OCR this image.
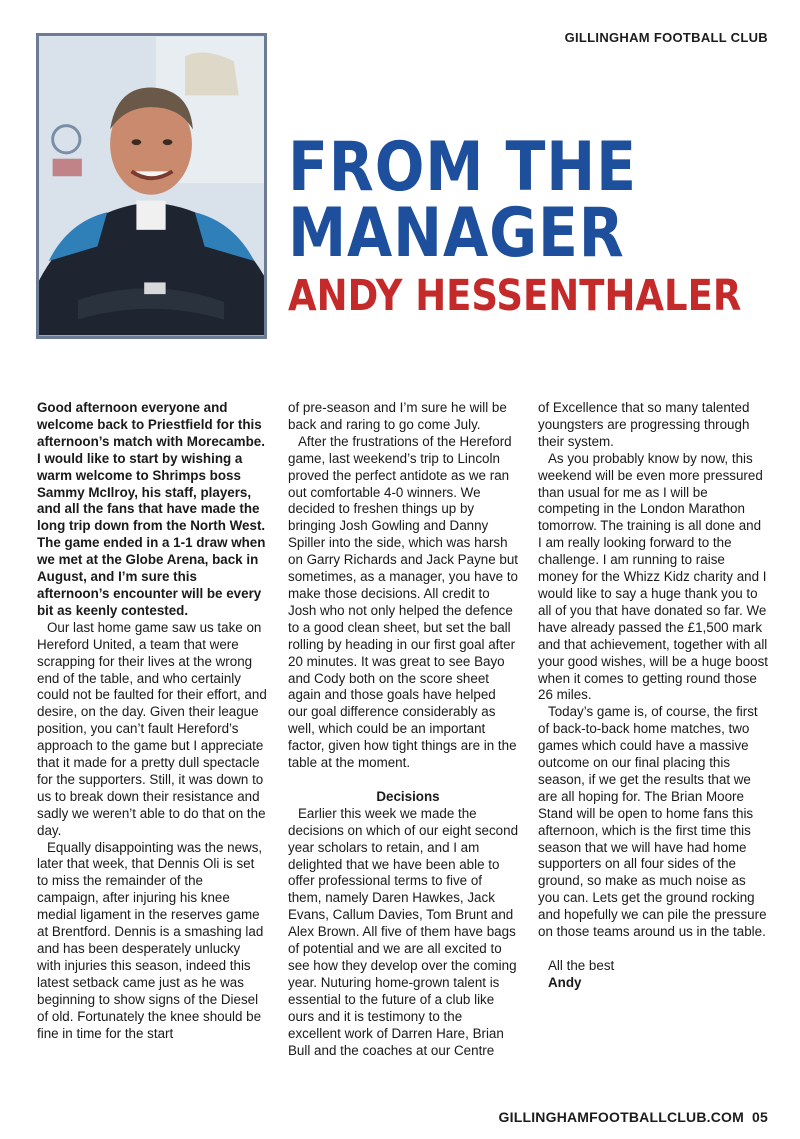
GILLINGHAM FOOTBALL CLUB
FROM THE
MANAGER
ANDY HESSENTHALER

Good afternoon everyone and welcome back to Priestfield for this afternoon’s match with Morecambe. I would like to start by wishing a warm welcome to Shrimps boss Sammy McIlroy, his staff, players, and all the fans that have made the long trip down from the North West. The game ended in a 1-1 draw when we met at the Globe Arena, back in August, and I’m sure this afternoon’s encounter will be every bit as keenly contested.

Our last home game saw us take on Hereford United, a team that were scrapping for their lives at the wrong end of the table, and who certainly could not be faulted for their effort, and desire, on the day. Given their league position, you can’t fault Hereford’s approach to the game but I appreciate that it made for a pretty dull spectacle for the supporters. Still, it was down to us to break down their resistance and sadly we weren’t able to do that on the day.

Equally disappointing was the news, later that week, that Dennis Oli is set to miss the remainder of the campaign, after injuring his knee medial ligament in the reserves game at Brentford. Dennis is a smashing lad and has been desperately unlucky with injuries this season, indeed this latest setback came just as he was beginning to show signs of the Diesel of old. Fortunately the knee should be fine in time for the start

of pre-season and I’m sure he will be back and raring to go come July.

After the frustrations of the Hereford game, last weekend’s trip to Lincoln proved the perfect antidote as we ran out comfortable 4-0 winners. We decided to freshen things up by bringing Josh Gowling and Danny Spiller into the side, which was harsh on Garry Richards and Jack Payne but sometimes, as a manager, you have to make those decisions. All credit to Josh who not only helped the defence to a good clean sheet, but set the ball rolling by heading in our first goal after 20 minutes. It was great to see Bayo and Cody both on the score sheet again and those goals have helped our goal difference considerably as well, which could be an important factor, given how tight things are in the table at the moment.

Decisions

Earlier this week we made the decisions on which of our eight second year scholars to retain, and I am delighted that we have been able to offer professional terms to five of them, namely Daren Hawkes, Jack Evans, Callum Davies, Tom Brunt and Alex Brown. All five of them have bags of potential and we are all excited to see how they develop over the coming year. Nuturing home-grown talent is essential to the future of a club like ours and it is testimony to the excellent work of Darren Hare, Brian Bull and the coaches at our Centre

of Excellence that so many talented youngsters are progressing through their system.

As you probably know by now, this weekend will be even more pressured than usual for me as I will be competing in the London Marathon tomorrow. The training is all done and I am really looking forward to the challenge. I am running to raise money for the Whizz Kidz charity and I would like to say a huge thank you to all of you that have donated so far. We have already passed the £1,500 mark and that achievement, together with all your good wishes, will be a huge boost when it comes to getting round those 26 miles.

Today’s game is, of course, the first of back-to-back home matches, two games which could have a massive outcome on our final placing this season, if we get the results that we are all hoping for. The Brian Moore Stand will be open to home fans this afternoon, which is the first time this season that we will have had home supporters on all four sides of the ground, so make as much noise as you can. Lets get the ground rocking and hopefully we can pile the pressure on those teams around us in the table.

All the best

Andy

GILLINGHAMFOOTBALLCLUB.COM 05
